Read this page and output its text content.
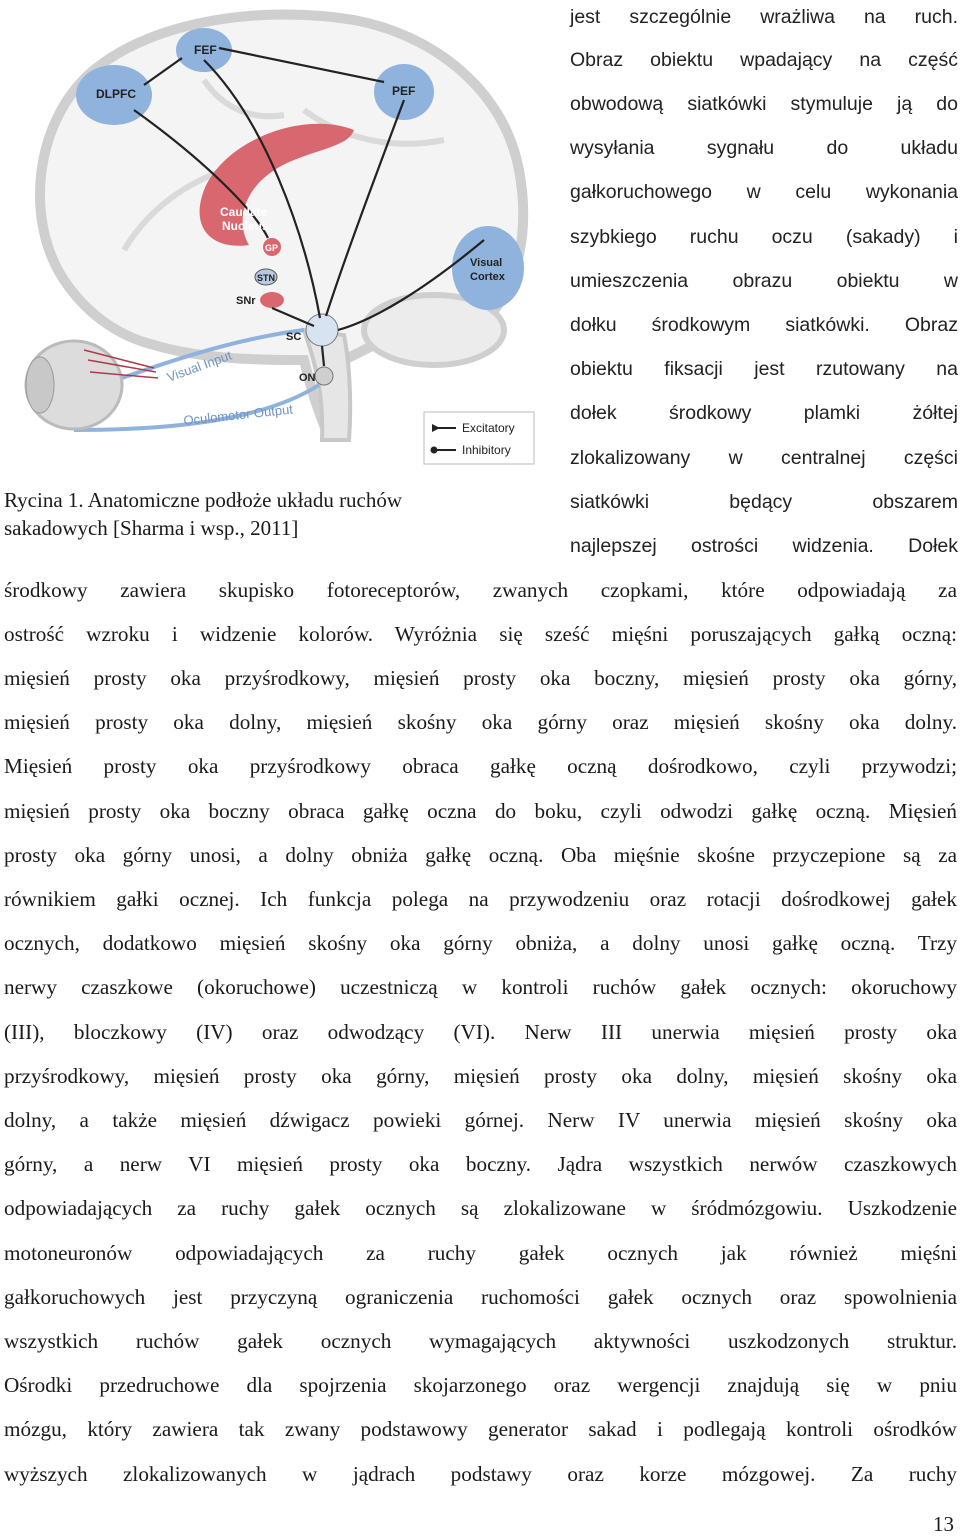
FEF
DLPFC	PEF
Caudate
Nucleus
GP
STN
SNr
SC
ON
Visual
Cortex
Visual Input
Oculomotor Output
Excitatory
Inhibitory
Rycina 1. Anatomiczne podłoże układu ruchów
sakadowych [Sharma i wsp., 2011]
jest szczególnie wrażliwa na ruch.
Obraz obiektu wpadający na część
obwodową siatkówki stymuluje ją do
wysyłania sygnału do układu
gałkoruchowego w celu wykonania
szybkiego ruchu oczu (sakady) i
umieszczenia obrazu obiektu w
dołku środkowym siatkówki. Obraz
obiektu fiksacji jest rzutowany na
dołek środkowy plamki żółtej
zlokalizowany w centralnej części
siatkówki będący obszarem
najlepszej ostrości widzenia. Dołek
środkowy zawiera skupisko fotoreceptorów, zwanych czopkami, które odpowiadają za
ostrość wzroku i widzenie kolorów. Wyróżnia się sześć mięśni poruszających gałką oczną:
mięsień prosty oka przyśrodkowy, mięsień prosty oka boczny, mięsień prosty oka górny,
mięsień prosty oka dolny, mięsień skośny oka górny oraz mięsień skośny oka dolny.
Mięsień prosty oka przyśrodkowy obraca gałkę oczną dośrodkowo, czyli przywodzi;
mięsień prosty oka boczny obraca gałkę oczna do boku, czyli odwodzi gałkę oczną. Mięsień
prosty oka górny unosi, a dolny obniża gałkę oczną. Oba mięśnie skośne przyczepione są za
równikiem gałki ocznej. Ich funkcja polega na przywodzeniu oraz rotacji dośrodkowej gałek
ocznych, dodatkowo mięsień skośny oka górny obniża, a dolny unosi gałkę oczną. Trzy
nerwy czaszkowe (okoruchowe) uczestniczą w kontroli ruchów gałek ocznych: okoruchowy
(III), bloczkowy (IV) oraz odwodzący (VI). Nerw III unerwia mięsień prosty oka
przyśrodkowy, mięsień prosty oka górny, mięsień prosty oka dolny, mięsień skośny oka
dolny, a także mięsień dźwigacz powieki górnej. Nerw IV unerwia mięsień skośny oka
górny, a nerw VI mięsień prosty oka boczny. Jądra wszystkich nerwów czaszkowych
odpowiadających za ruchy gałek ocznych są zlokalizowane w śródmózgowiu. Uszkodzenie
motoneuronów odpowiadających za ruchy gałek ocznych jak również mięśni
gałkoruchowych jest przyczyną ograniczenia ruchomości gałek ocznych oraz spowolnienia
wszystkich ruchów gałek ocznych wymagających aktywności uszkodzonych struktur.
Ośrodki przedruchowe dla spojrzenia skojarzonego oraz wergencji znajdują się w pniu
mózgu, który zawiera tak zwany podstawowy generator sakad i podlegają kontroli ośrodków
wyższych zlokalizowanych w jądrach podstawy oraz korze mózgowej. Za ruchy
13
